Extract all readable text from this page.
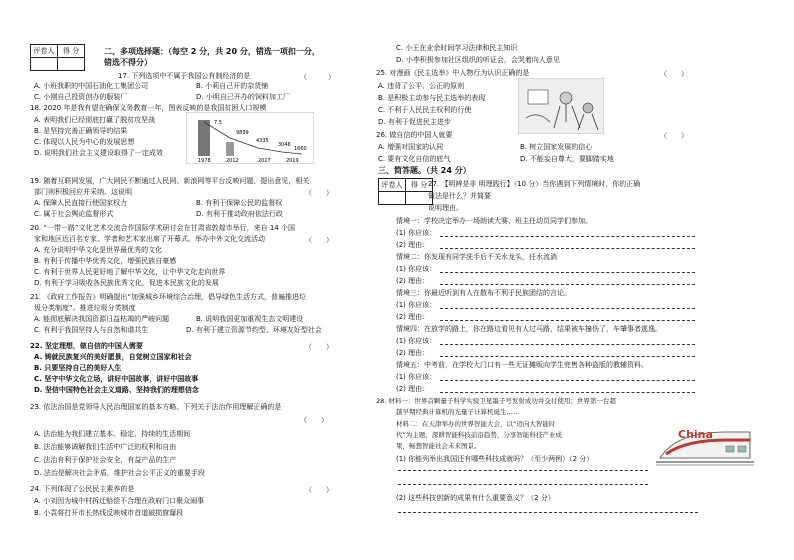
评卷人	得 分
		二、多项选择题：（每空 2 分，共 20 分，错选一项扣一分，
错选不得分）
17. 下列选项中不属于我国公有制经济的是	（　　　）
A. 小班我职的中国石油化工集团公司	B. 小莉自己开的杂货铺
C. 小刚自己投资创办的服装厂	D. 小明自己开办的饲料加工厂
18. 2020 年是我有望在确保义务教育一年，图表反映的是我国贫困人口规模
A. 表明我们已经彻底打赢了脱贫攻坚战
B. 是坚持完善正确领导的结果
C. 体现以人民为中心的发展思想
D. 说明我们社会主义建设取得了一定成效
7.5
9899
4335
3046
1660
1978	2012	2017	2019
19. 随着互联网发展，广大网民不断通过人民网、新浪网等平台反映问题、提出意见，相关
部门则积极回应并采纳。这说明	（　　）
A. 保障人民直接行使国家权力	B. 有利于保障公民的监督权
C. 属于社会舆论监督形式	D. 有利于推动政府依法行政
20. “一带一路”文化艺术交流合作国际学术研讨会在甘肃省敦煌市举行，来自 14 个国
家和地区近百名专家、学者和艺术家出席了开幕式。举办中外文化交流活动	（　　）
A. 充分说明中华文化是世界最优秀的文化
B. 有利于传播中华优秀文化，增强民族自豪感
C. 有利于世界人民更好地了解中华文化，让中华文化走向世界
D. 有利于学习吸收各民族优秀文化，促进本民族文化的发展
21. 《政府工作报告》明确提出“加强城乡环境综合治理，倡导绿色生活方式，普遍推进垃
圾分类制度”。推进垃圾分类制度
A. 能彻底解决我国资源日益枯竭的严峻问题	B. 说明我国更加重视生态文明建设
C. 有利于我国坚持人与自然和谐共生	D. 有利于建立资源节约型、环境友好型社会
22. 坚定理想，做自信的中国人需要	（　　）
A. 铸就民族复兴的美好愿景，自觉树立国家和社会
B. 只要坚持自己的美好人生
C. 坚守中华文化立场，讲好中国故事，讲好中国故事
D. 坚信中国特色社会主义道路、坚持我们的理想信念
23. 依法治国是党领导人民治理国家的基本方略。下列关于法治作用理解正确的是
（　　）
A. 法治能为我们建立基本、稳定、持续的生活期间
B. 法治能够调解我们生活中广泛的权利和自由
C. 法治有利于保护社会安全，有益产品的生产
D. 法治是解决社会矛盾，维护社会公平正义的重要手段
24. 下列体现了公民民主素养的是	（　　）
A. 小刘因为城中村拆迁赔偿不合理在政府门口聚众闹事
B. 小袁将打开市长热线反映城市首道破损窟窿段
C. 小王在业余时间学习法律和民主知识
D. 小李积极参加社区组织的听证会，会哭着向人意见
25. 对漫画《民主选举》中人物行为认识正确的是	（　　）
A. 违背了公平、公正的原则
B. 是积极主动参与民主选举的表现
C. 不利于人民民主权利的行使
D. 有利于促进民主进步
26. 做自信的中国人就要	（　　）
A. 增强对国家的认同	B. 树立国家发展的信心
C. 要有文化自信的底气	D. 不能妄自尊大，要脚踏实地
三、简答题。（共 24 分）
评卷人	得 分
	27. 【明辨是非 明理践行】（10 分）当你遇到下列情境时，你的正确
做法是什么？并简要
说明理由。
情境一：学校决定举办一场朗读大赛，班主任动员同学们参加。
(1) 你应该：
(2) 理由：
情境二：你发现有同学洗手后不关水龙头，任水流淌
(1) 你应该：
(2) 理由：
情境三：你最近听到有人在散布不利于民族团结的言论。
(1) 你应该：
(2) 理由：
情境四：在放学的路上，你在路边看见有人过马路，结果被车撞伤了，车肇事者逃逸。
(1) 你应该：
(2) 理由：
情境五：中考前，在学校大门口有一些无证摊贩向学生兜售各种盗版的教辅资料。
(1) 你应该：
(2) 理由：
28. 材料一：世界首颗量子科学实验卫星墨子号发射成功并交付使用；世界第一台超
越早期经典计算机的光量子计算机诞生……
材料二：在天津举办的世界智能大会，以“迈向大智能时
代”为主题，深耕智能科技前沿趋势，分享智能科技产业成
果，畅想智能社会未来图景。
China
(1) 你能列举出我国还有哪些科技成就吗？（至少两例）（2 分）
(2) 这些科技创新的成果有什么重要意义？（2 分）
